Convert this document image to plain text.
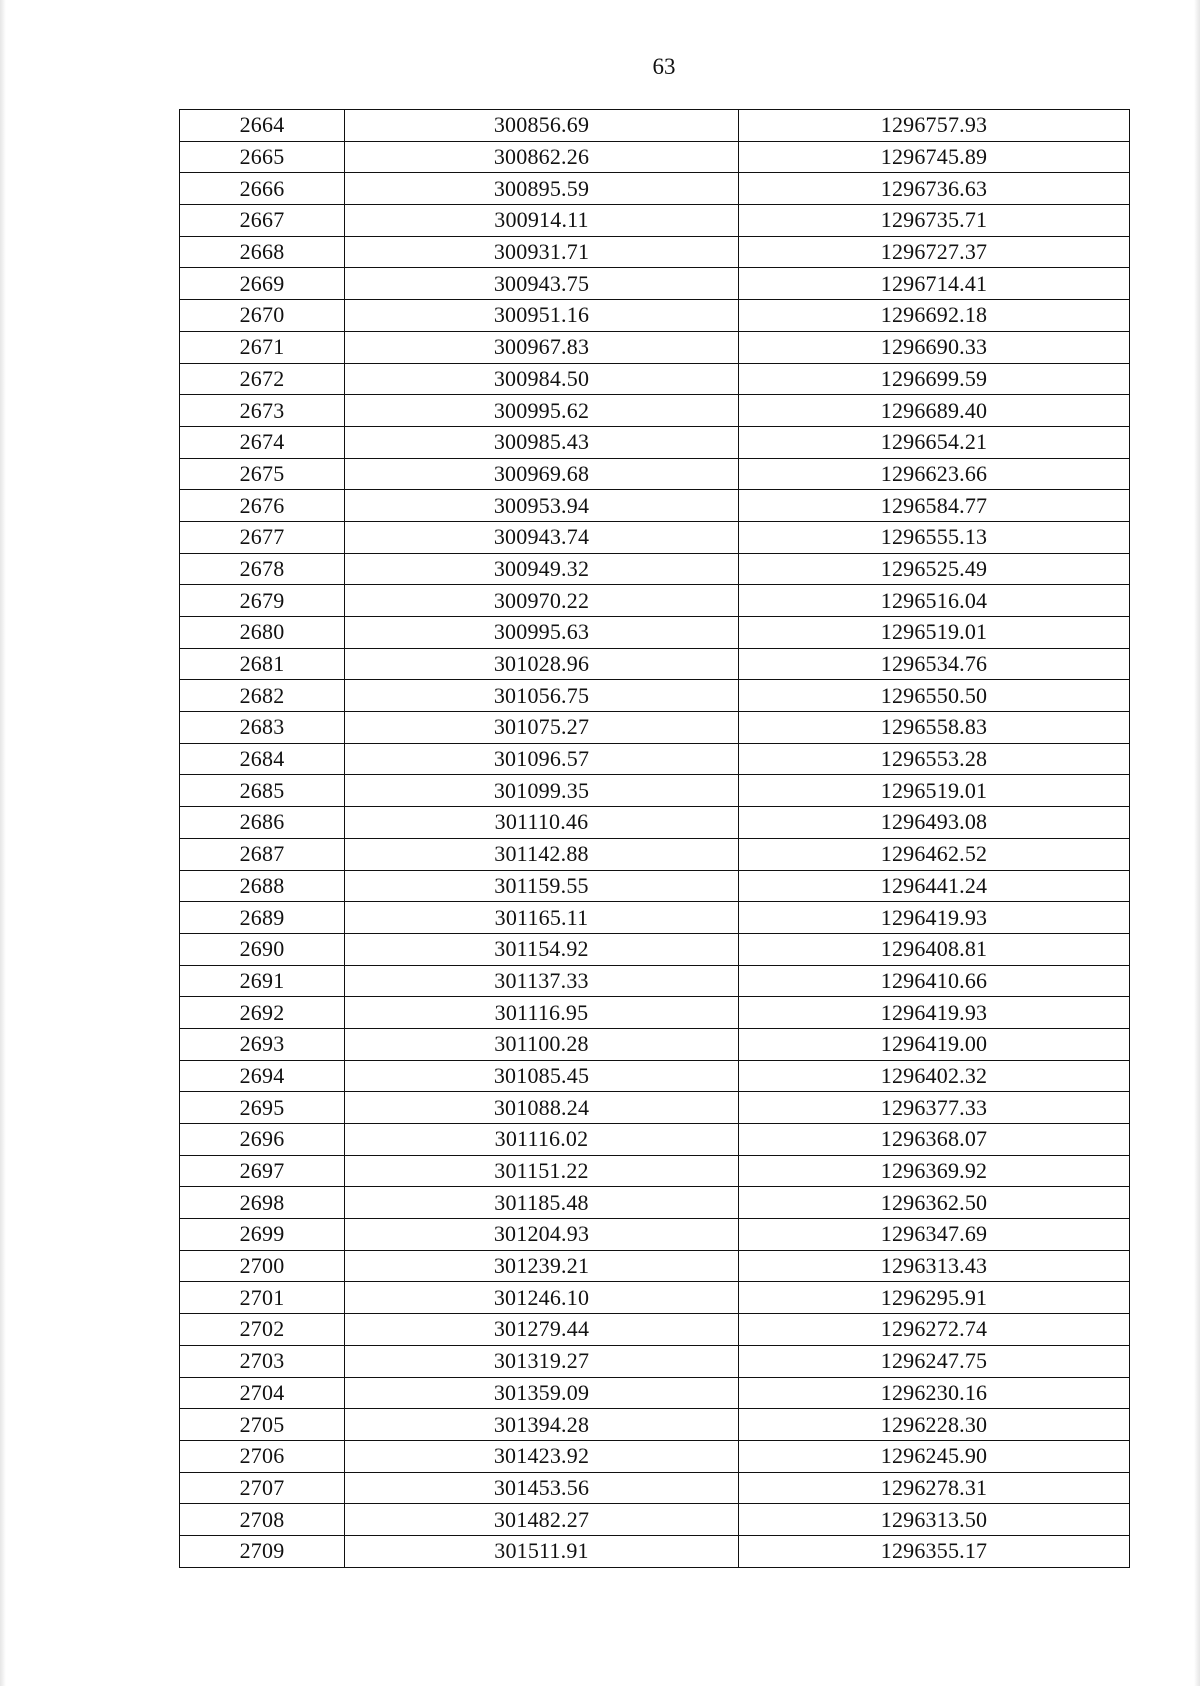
63
2664	300856.69	1296757.93
2665	300862.26	1296745.89
2666	300895.59	1296736.63
2667	300914.11	1296735.71
2668	300931.71	1296727.37
2669	300943.75	1296714.41
2670	300951.16	1296692.18
2671	300967.83	1296690.33
2672	300984.50	1296699.59
2673	300995.62	1296689.40
2674	300985.43	1296654.21
2675	300969.68	1296623.66
2676	300953.94	1296584.77
2677	300943.74	1296555.13
2678	300949.32	1296525.49
2679	300970.22	1296516.04
2680	300995.63	1296519.01
2681	301028.96	1296534.76
2682	301056.75	1296550.50
2683	301075.27	1296558.83
2684	301096.57	1296553.28
2685	301099.35	1296519.01
2686	301110.46	1296493.08
2687	301142.88	1296462.52
2688	301159.55	1296441.24
2689	301165.11	1296419.93
2690	301154.92	1296408.81
2691	301137.33	1296410.66
2692	301116.95	1296419.93
2693	301100.28	1296419.00
2694	301085.45	1296402.32
2695	301088.24	1296377.33
2696	301116.02	1296368.07
2697	301151.22	1296369.92
2698	301185.48	1296362.50
2699	301204.93	1296347.69
2700	301239.21	1296313.43
2701	301246.10	1296295.91
2702	301279.44	1296272.74
2703	301319.27	1296247.75
2704	301359.09	1296230.16
2705	301394.28	1296228.30
2706	301423.92	1296245.90
2707	301453.56	1296278.31
2708	301482.27	1296313.50
2709	301511.91	1296355.17
